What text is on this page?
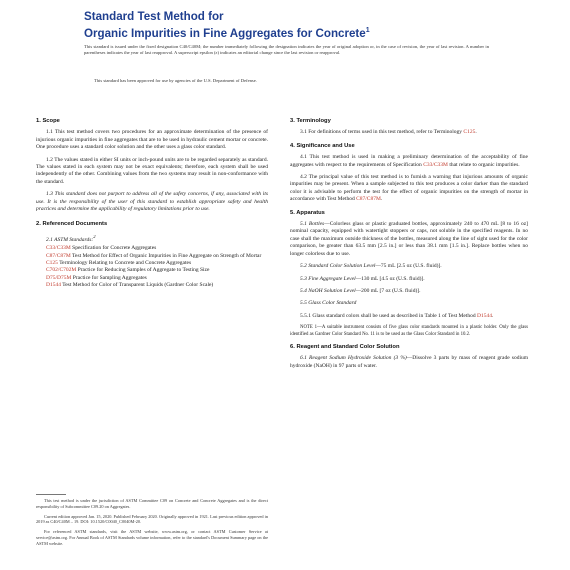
Standard Test Method for
Organic Impurities in Fine Aggregates for Concrete$^1$
This standard is issued under the fixed designation C40/C40M; the number immediately following the designation indicates the year of original adoption or, in the case of revision, the year of last revision. A number in parentheses indicates the year of last reapproval. A superscript epsilon (ε) indicates an editorial change since the last revision or reapproval.
This standard has been approved for use by agencies of the U.S. Department of Defense.
1. Scope
1.1 This test method covers two procedures for an approximate determination of the presence of injurious organic impurities in fine aggregates that are to be used in hydraulic cement mortar or concrete. One procedure uses a standard color solution and the other uses a glass color standard.
1.2 The values stated in either SI units or inch-pound units are to be regarded separately as standard. The values stated in each system may not be exact equivalents; therefore, each system shall be used independently of the other. Combining values from the two systems may result in non-conformance with the standard.
1.3 This standard does not purport to address all of the safety concerns, if any, associated with its use. It is the responsibility of the user of this standard to establish appropriate safety and health practices and determine the applicability of regulatory limitations prior to use.
2. Referenced Documents
2.1 ASTM Standards:$^2$
C33/C33M Specification for Concrete Aggregates
C87/C87M Test Method for Effect of Organic Impurities in Fine Aggregate on Strength of Mortar
C125 Terminology Relating to Concrete and Concrete Aggregates
C702/C702M Practice for Reducing Samples of Aggregate to Testing Size
D75/D75M Practice for Sampling Aggregates
D1544 Test Method for Color of Transparent Liquids (Gardner Color Scale)
This test method is under the jurisdiction of ASTM Committee C09 on Concrete and Concrete Aggregates and is the direct responsibility of Subcommittee C09.20 on Aggregates.
Current edition approved Jan. 15, 2020. Published February 2020. Originally approved in 1921. Last previous edition approved in 2019 as C40/C40M – 19. DOI: 10.1520/C0040_C0040M-20.
For referenced ASTM standards, visit the ASTM website, www.astm.org, or contact ASTM Customer Service at service@astm.org. For Annual Book of ASTM Standards volume information, refer to the standard's Document Summary page on the ASTM website.
3. Terminology
3.1 For definitions of terms used in this test method, refer to Terminology C125.
4. Significance and Use
4.1 This test method is used in making a preliminary determination of the acceptability of fine aggregates with respect to the requirements of Specification C33/C33M that relate to organic impurities.
4.2 The principal value of this test method is to furnish a warning that injurious amounts of organic impurities may be present. When a sample subjected to this test produces a color darker than the standard color it is advisable to perform the test for the effect of organic impurities on the strength of mortar in accordance with Test Method C87/C87M.
5. Apparatus
5.1 Bottles—Colorless glass or plastic graduated bottles, approximately 240 to 470 mL [8 to 16 oz] nominal capacity, equipped with watertight stoppers or caps, not soluble in the specified reagents. In no case shall the maximum outside thickness of the bottles, measured along the line of sight used for the color comparison, be greater than 63.5 mm [2.5 in.] or less than 38.1 mm [1.5 in.]. Replace bottles when no longer colorless due to use.
5.2 Standard Color Solution Level—75 mL [2.5 oz (U.S. fluid)].
5.3 Fine Aggregate Level—130 mL [4.5 oz (U.S. fluid)].
5.4 NaOH Solution Level—200 mL [7 oz (U.S. fluid)].
5.5 Glass Color Standard
5.5.1 Glass standard colors shall be used as described in Table 1 of Test Method D1544.
NOTE 1—A suitable instrument consists of five glass color standards mounted in a plastic holder. Only the glass identified as Gardner Color Standard No. 11 is to be used as the Glass Color Standard in 10.2.
6. Reagent and Standard Color Solution
6.1 Reagent Sodium Hydroxide Solution (3 %)—Dissolve 3 parts by mass of reagent grade sodium hydroxide (NaOH) in 97 parts of water.
